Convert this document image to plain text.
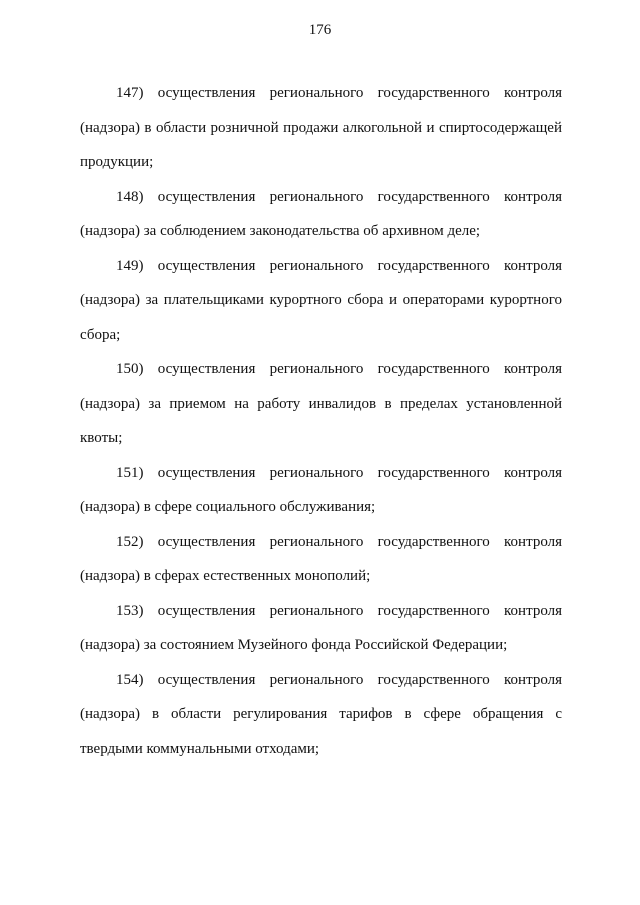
176

147) осуществления регионального государственного контроля (надзора) в области розничной продажи алкогольной и спиртосодержащей продукции;

148) осуществления регионального государственного контроля (надзора) за соблюдением законодательства об архивном деле;

149) осуществления регионального государственного контроля (надзора) за плательщиками курортного сбора и операторами курортного сбора;

150) осуществления регионального государственного контроля (надзора) за приемом на работу инвалидов в пределах установленной квоты;

151) осуществления регионального государственного контроля (надзора) в сфере социального обслуживания;

152) осуществления регионального государственного контроля (надзора) в сферах естественных монополий;

153) осуществления регионального государственного контроля (надзора) за состоянием Музейного фонда Российской Федерации;

154) осуществления регионального государственного контроля (надзора) в области регулирования тарифов в сфере обращения с твердыми коммунальными отходами;
